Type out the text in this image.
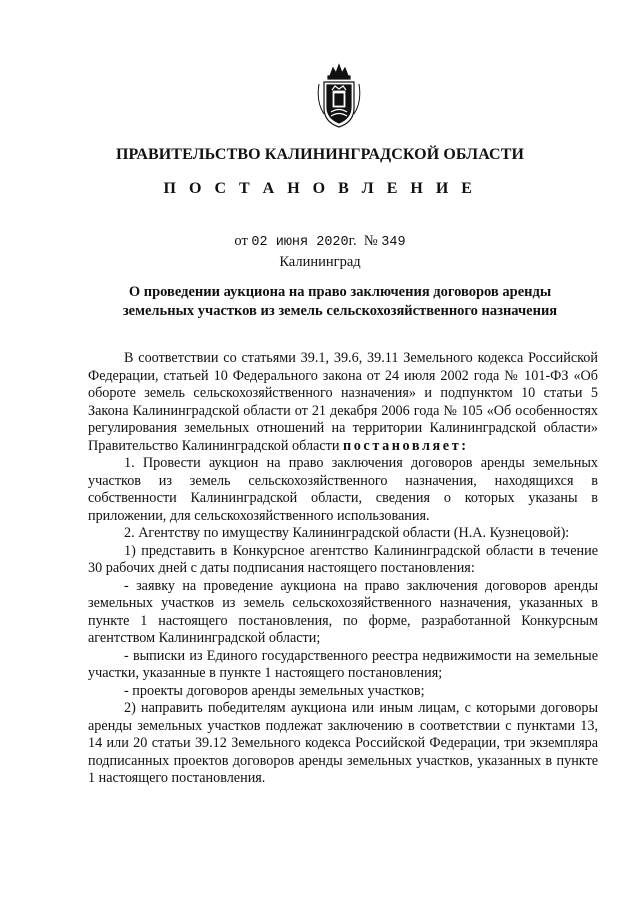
ПРАВИТЕЛЬСТВО КАЛИНИНГРАДСКОЙ ОБЛАСТИ
П О С Т А Н О В Л Е Н И Е
от 02 июня 2020г. № 349
Калининград
О проведении аукциона на право заключения договоров аренды
земельных участков из земель сельскохозяйственного назначения

В соответствии со статьями 39.1, 39.6, 39.11 Земельного кодекса Российской Федерации, статьей 10 Федерального закона от 24 июля 2002 года № 101-ФЗ «Об обороте земель сельскохозяйственного назначения» и подпунктом 10 статьи 5 Закона Калининградской области от 21 декабря 2006 года № 105 «Об особенностях регулирования земельных отношений на территории Калининградской области» Правительство Калининградской области постановляет:

1. Провести аукцион на право заключения договоров аренды земельных участков из земель сельскохозяйственного назначения, находящихся в собственности Калининградской области, сведения о которых указаны в приложении, для сельскохозяйственного использования.

2. Агентству по имуществу Калининградской области (Н.А. Кузнецовой):

1) представить в Конкурсное агентство Калининградской области в течение 30 рабочих дней с даты подписания настоящего постановления:

- заявку на проведение аукциона на право заключения договоров аренды земельных участков из земель сельскохозяйственного назначения, указанных в пункте 1 настоящего постановления, по форме, разработанной Конкурсным агентством Калининградской области;

- выписки из Единого государственного реестра недвижимости на земельные участки, указанные в пункте 1 настоящего постановления;

- проекты договоров аренды земельных участков;

2) направить победителям аукциона или иным лицам, с которыми договоры аренды земельных участков подлежат заключению в соответствии с пунктами 13, 14 или 20 статьи 39.12 Земельного кодекса Российской Федерации, три экземпляра подписанных проектов договоров аренды земельных участков, указанных в пункте 1 настоящего постановления.
